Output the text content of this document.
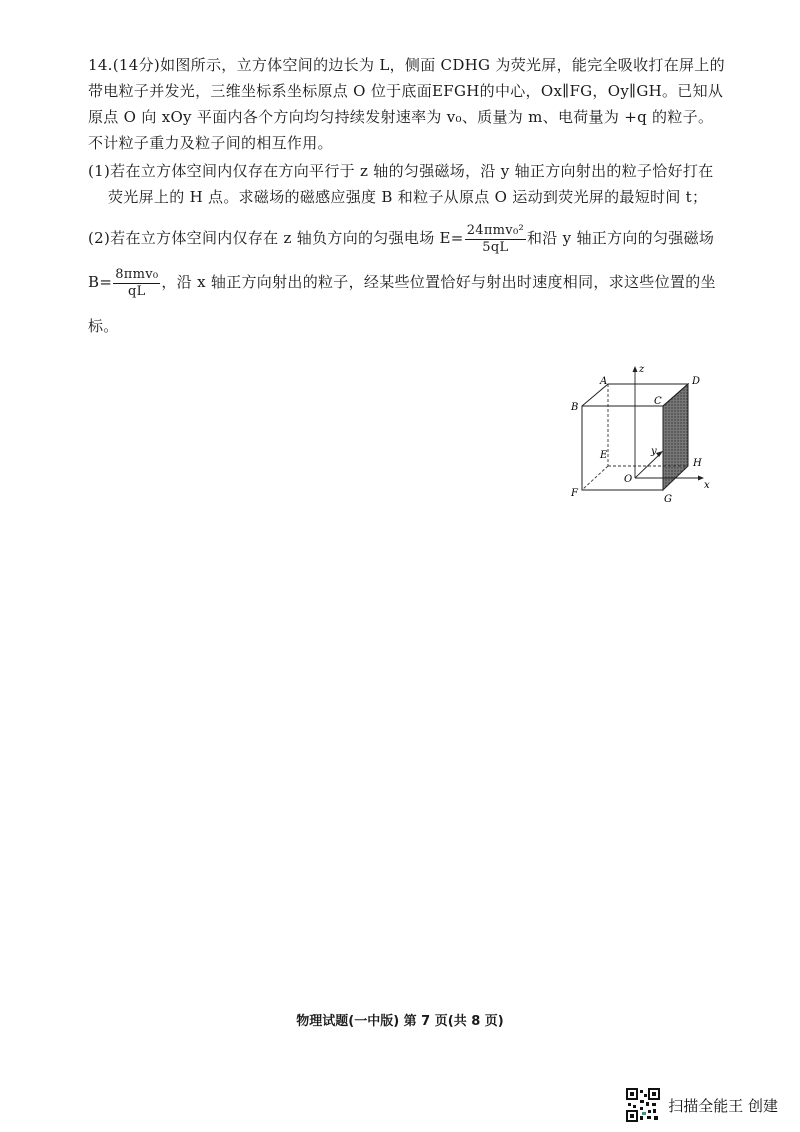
14.(14分)如图所示，立方体空间的边长为 L，侧面 CDHG 为荧光屏，能完全吸收打在屏上的带电粒子并发光，三维坐标系坐标原点 O 位于底面EFGH的中心，Ox∥FG，Oy∥GH。已知从原点 O 向 xOy 平面内各个方向均匀持续发射速率为 v₀、质量为 m、电荷量为 +q 的粒子。不计粒子重力及粒子间的相互作用。

(1)若在立方体空间内仅存在方向平行于 z 轴的匀强磁场，沿 y 轴正方向射出的粒子恰好打在荧光屏上的 H 点。求磁场的磁感应强度 B 和粒子从原点 O 运动到荧光屏的最短时间 t；

(2)若在立方体空间内仅存在 z 轴负方向的匀强电场 $E= \frac{\text{24πmv₀²}}{5qL}$ 和沿 y 轴正方向的匀强磁场
$B= \frac{\text{8πmv₀}}{qL}$ ，沿 x 轴正方向射出的粒子，经某些位置恰好与射出时速度相同，求这些位置的坐标。

A
B
C
D
E
F
G
H
O
x
y
z
物理试题(一中版) 第 7 页(共 8 页)
扫描全能王 创建
